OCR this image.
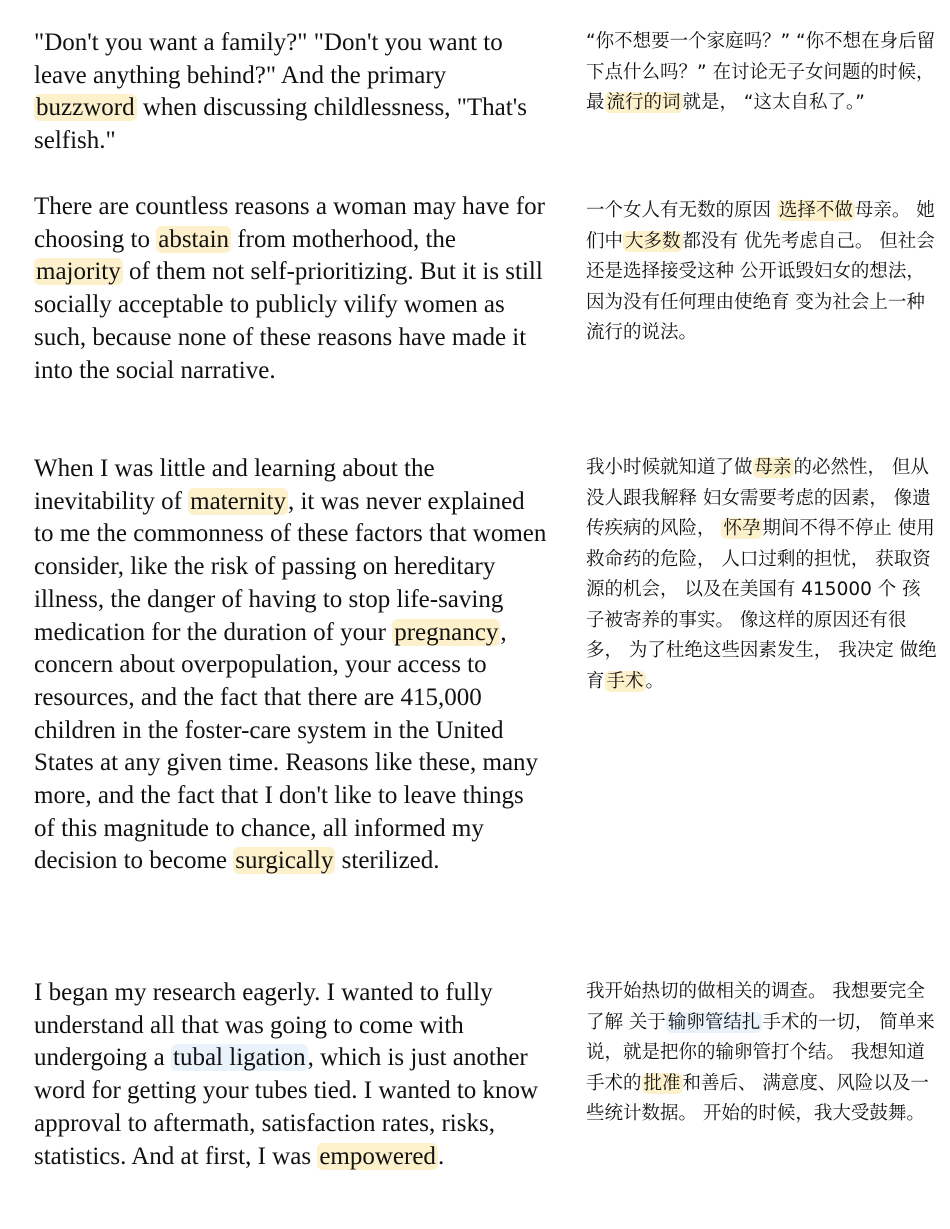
"Don't you want a family?" "Don't you want to leave anything behind?" And the primary buzzword when discussing childlessness, "That's selfish."

“你不想要一个家庭吗？” “你不想在身后留下点什么吗？” 在讨论无子女问题的时候， 最 流行的词 就是， “这太自私了。”

There are countless reasons a woman may have for choosing to abstain from motherhood, the majority of them not self-prioritizing. But it is still socially acceptable to publicly vilify women as such, because none of these reasons have made it into the social narrative.

一个女人有无数的原因 选择不做 母亲。 她们中 大多数 都没有 优先考虑自己。 但社会还是选择接受这种 公开诋毁妇女的想法， 因为没有任何理由使绝育 变为社会上一种流行的说法。

When I was little and learning about the inevitability of maternity, it was never explained to me the commonness of these factors that women consider, like the risk of passing on hereditary illness, the danger of having to stop life-saving medication for the duration of your pregnancy, concern about overpopulation, your access to resources, and the fact that there are 415,000 children in the foster-care system in the United States at any given time. Reasons like these, many more, and the fact that I don't like to leave things of this magnitude to chance, all informed my decision to become surgically sterilized.

我小时候就知道了做 母亲 的必然性， 但从没人跟我解释 妇女需要考虑的因素， 像遗传疾病的风险， 怀孕 期间不得不停止 使用救命药的危险， 人口过剩的担忧， 获取资源的机会， 以及在美国有 415000 个 孩子被寄养的事实。 像这样的原因还有很多， 为了杜绝这些因素发生， 我决定 做绝育 手术 。

I began my research eagerly. I wanted to fully understand all that was going to come with undergoing a tubal ligation, which is just another word for getting your tubes tied. I wanted to know approval to aftermath, satisfaction rates, risks, statistics. And at first, I was empowered.

我开始热切的做相关的调查。 我想要完全了解 关于 输卵管结扎 手术的一切， 简单来说，就是把你的输卵管打个结。 我想知道手术的 批准 和善后、 满意度、风险以及一些统计数据。 开始的时候，我大受鼓舞。
